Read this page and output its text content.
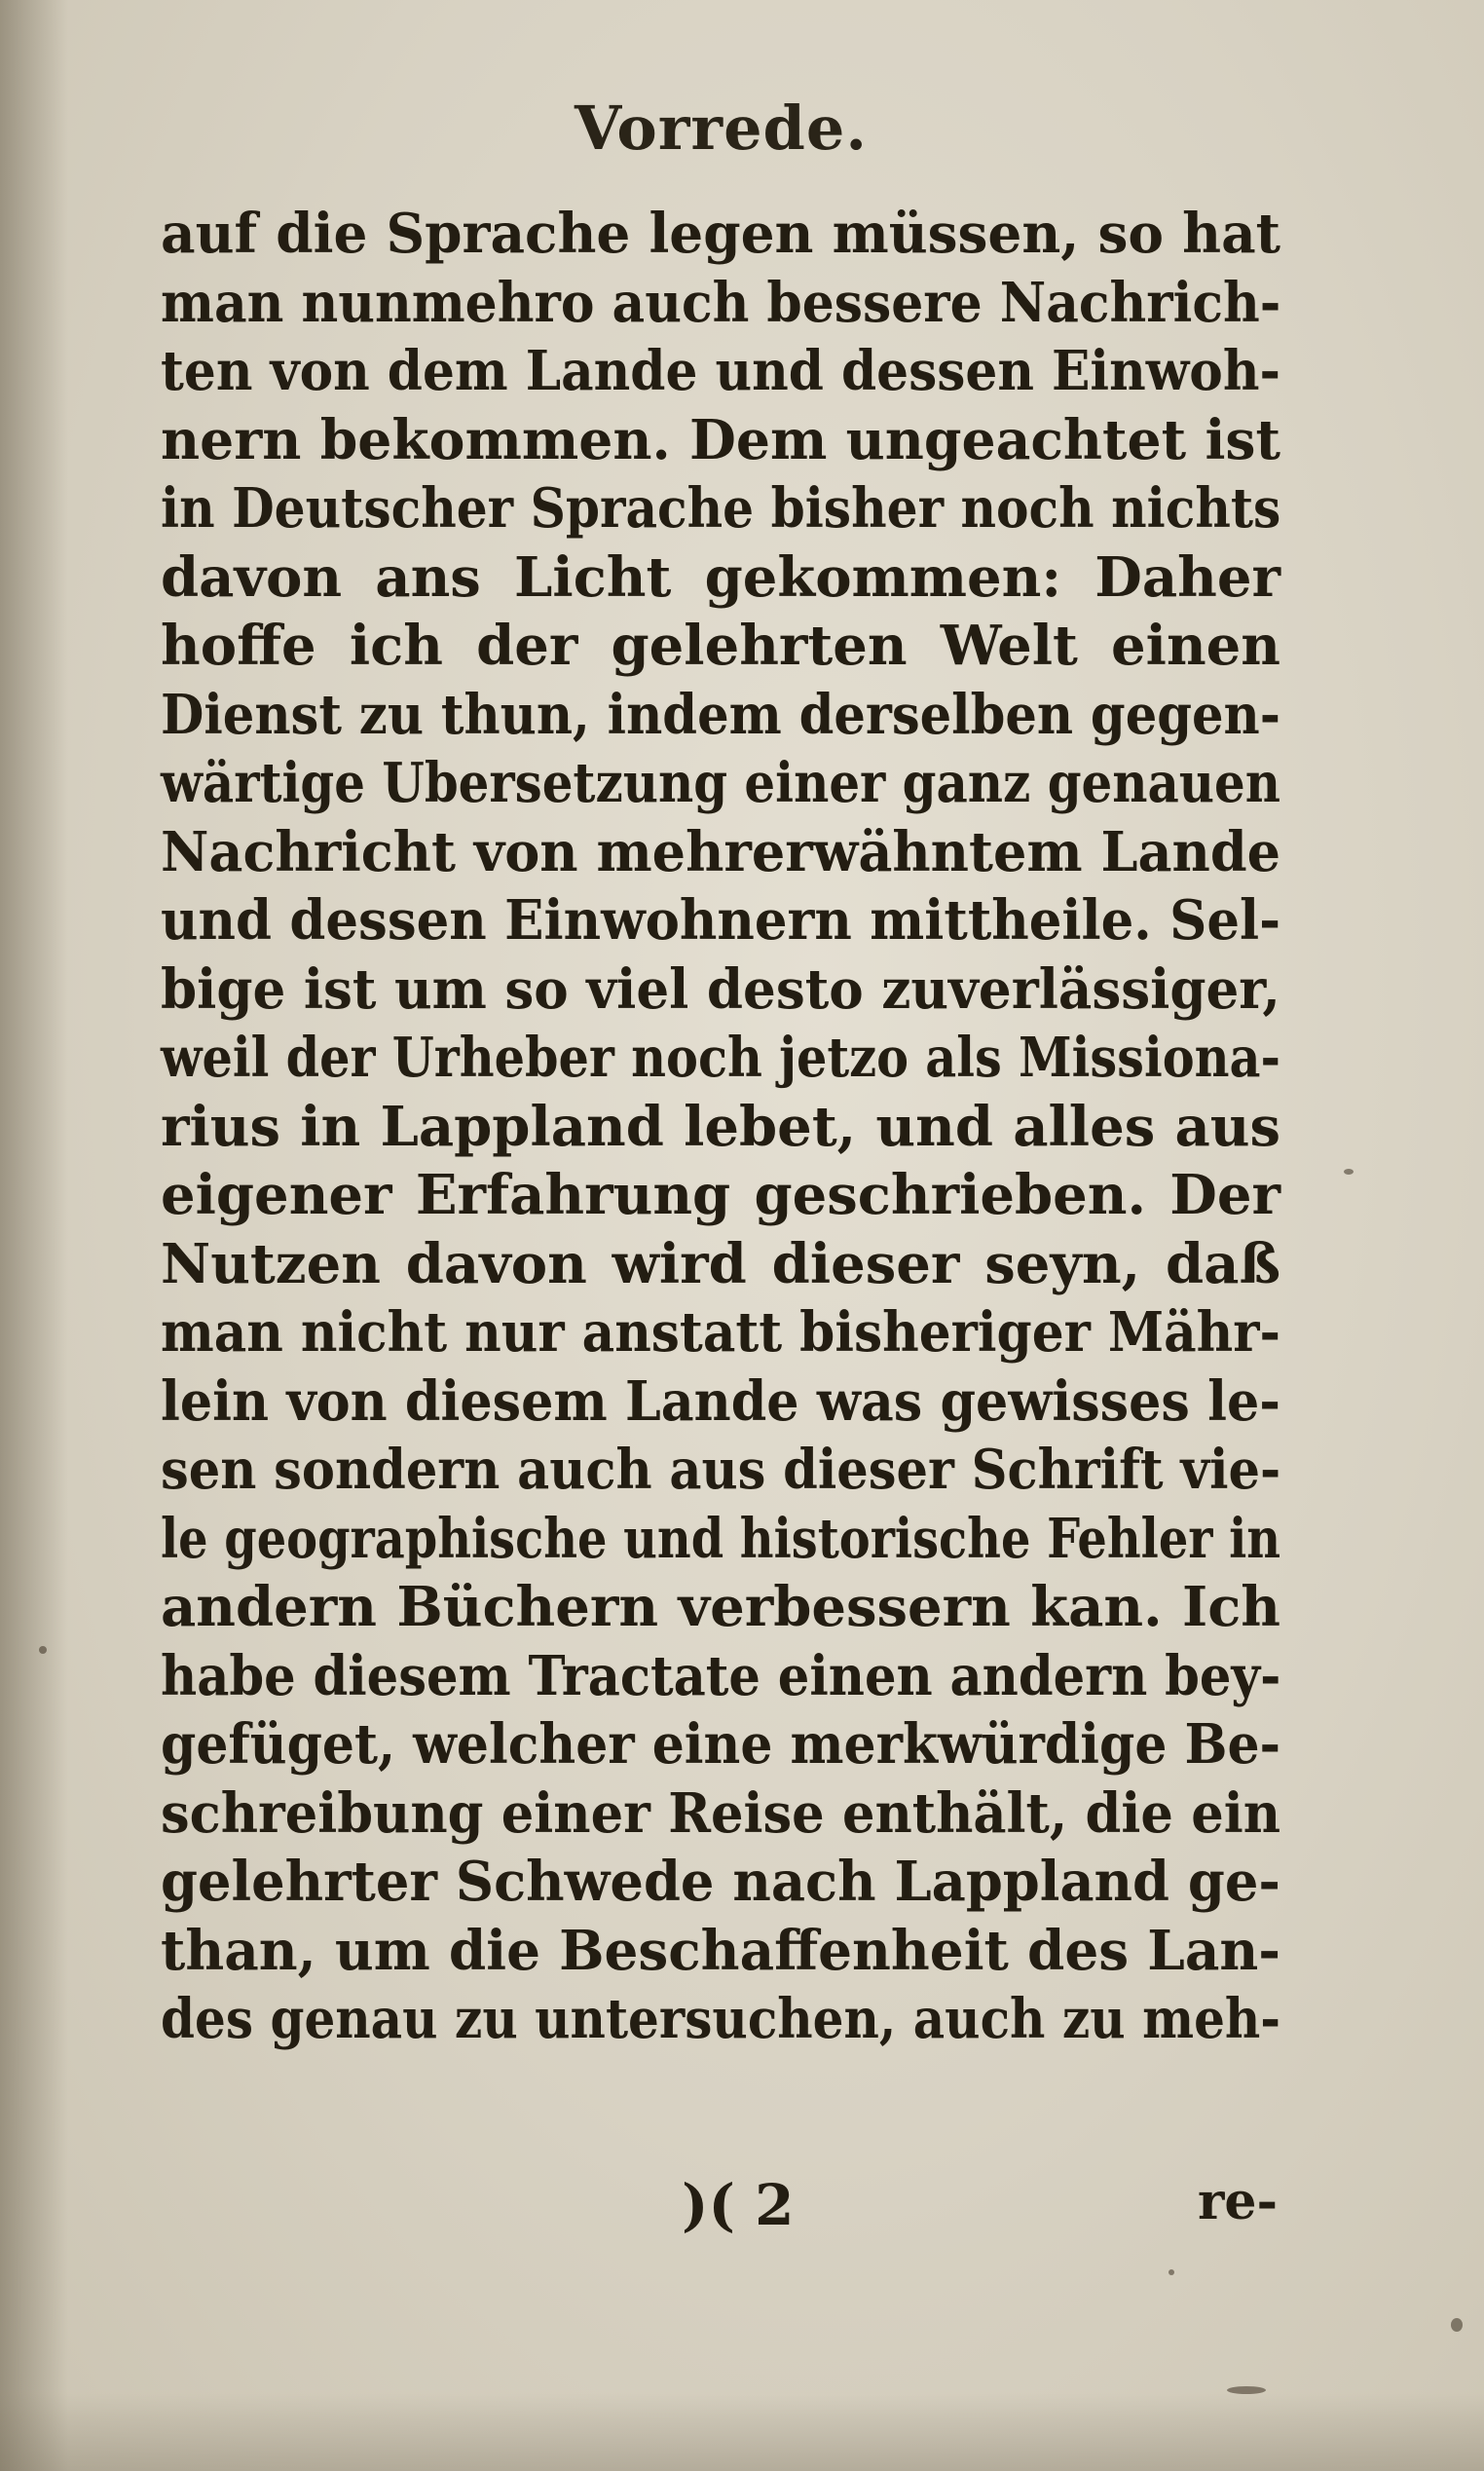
Vorrede.
auf die Sprache legen müssen, so hat
man nunmehro auch bessere Nachrich-
ten von dem Lande und dessen Einwoh-
nern bekommen. Dem ungeachtet ist
in Deutscher Sprache bisher noch nichts
davon ans Licht gekommen: Daher
hoffe ich der gelehrten Welt einen
Dienst zu thun, indem derselben gegen-
wärtige Ubersetzung einer ganz genauen
Nachricht von mehrerwähntem Lande
und dessen Einwohnern mittheile. Sel-
bige ist um so viel desto zuverlässiger,
weil der Urheber noch jetzo als Missiona-
rius in Lappland lebet, und alles aus
eigener Erfahrung geschrieben. Der
Nutzen davon wird dieser seyn, daß
man nicht nur anstatt bisheriger Mähr-
lein von diesem Lande was gewisses le-
sen sondern auch aus dieser Schrift vie-
le geographische und historische Fehler in
andern Büchern verbessern kan. Ich
habe diesem Tractate einen andern bey-
gefüget, welcher eine merkwürdige Be-
schreibung einer Reise enthält, die ein
gelehrter Schwede nach Lappland ge-
than, um die Beschaffenheit des Lan-
des genau zu untersuchen, auch zu meh-
)( 2	re-
